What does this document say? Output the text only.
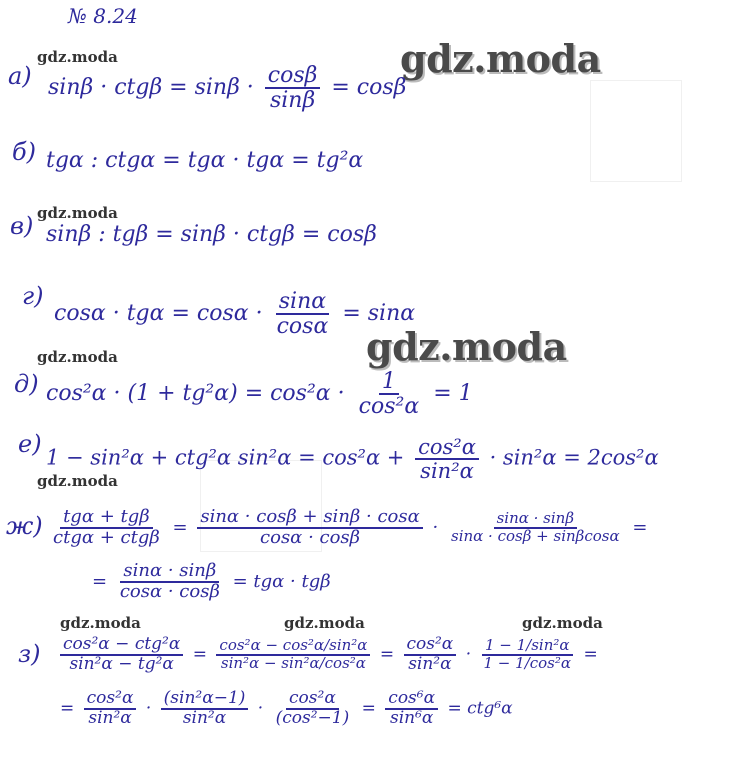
№ 8.24
gdz.moda
gdz.moda
gdz.moda
gdz.moda
gdz.moda
gdz.moda
gdz.moda	gdz.moda	gdz.moda
а) $\sin\beta \cdot ctg\beta = \sin\beta \cdot \frac{\cos\beta}{\sin\beta} = \cos\beta$
б) tgα : ctgα = tgα · tgα = tg²α
в) sinβ : tgβ = sinβ · ctgβ = cosβ
г)
$\cos\alpha \cdot tg\alpha = \cos\alpha \cdot \frac{\sin\alpha}{\cos\alpha} = \sin\alpha$
д) $\cos^2\alpha \cdot (1 + tg^2\alpha) = \cos^2\alpha \cdot \frac{1}{\text{cos²α}} = 1$
е) 1 − sin²α + ctg²α $\sin^2\alpha = \cos^2\alpha + \frac{\text{cos²α}}{\text{sin²α}} \cdot \sin^2\alpha = 2\cos^2\alpha$
$ж) \frac{\text{tgα + tgβ}}{\text{ctgα + ctgβ}} = \frac{\sin\alpha \cdot \cos\beta + \sin\beta \cdot \cos\alpha}{\cos\alpha \cdot \cos\beta} \cdot \frac{\sin\alpha \cdot \sin\beta}{\sin\alpha \cdot \cos\beta + \sin\beta\cos\alpha}$ =
= $\frac{\sin\alpha \cdot \sin\beta}{\cos\alpha \cdot \cos\beta} = tg\alpha \cdot tg\beta$
$з) \frac{\text{cos²α − ctg²α}}{\text{sin²α − tg²α}} = \frac{\text{cos²α − cos²α/sin²α}}{\text{sin²α − sin²α/cos²α}} = \frac{\text{cos²α}}{\text{sin²α}} \cdot \frac{\text{1 − 1/sin²α}}{\text{1 − 1/cos²α}}$ =
= $\frac{\text{cos²α}}{\text{sin²α}} \cdot \frac{\text{(sin²α−1)}}{\text{sin²α}} \cdot \frac{\text{cos²α}}{\text{(cos²−1)}} = \frac{\text{cos⁶α}}{\text{sin⁶α}} = ctg^6\alpha$
